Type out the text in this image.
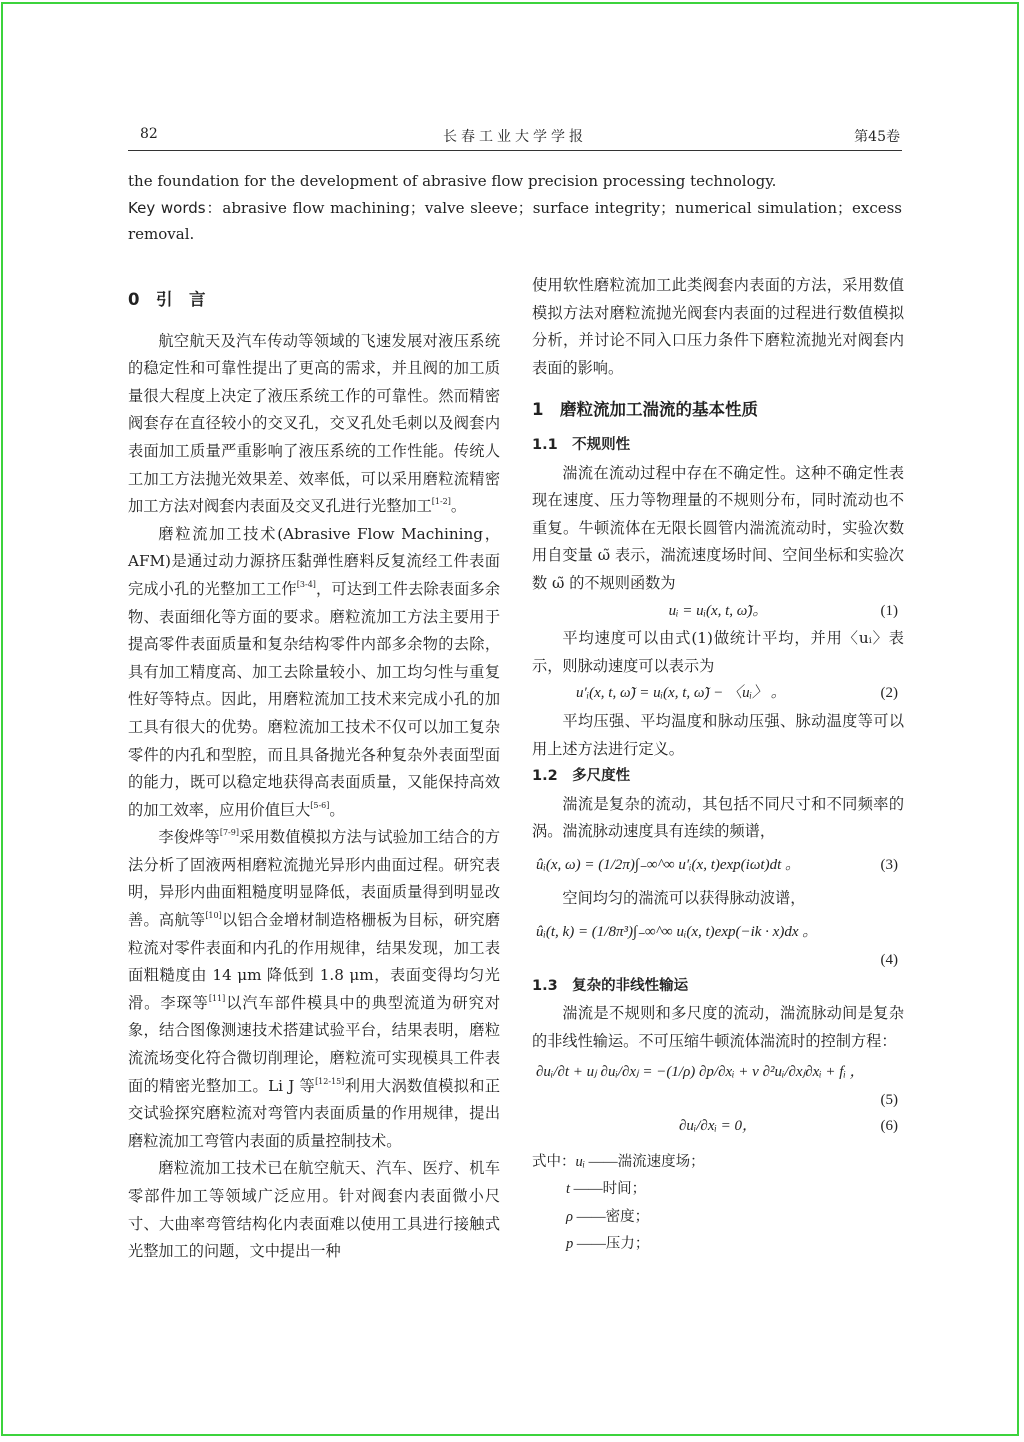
82	长春工业大学学报	第45卷
the foundation for the development of abrasive flow precision processing technology.
Key words：abrasive flow machining；valve sleeve；surface integrity；numerical simulation；excess removal.

0　引　言

航空航天及汽车传动等领域的飞速发展对液压系统的稳定性和可靠性提出了更高的需求，并且阀的加工质量很大程度上决定了液压系统工作的可靠性。然而精密阀套存在直径较小的交叉孔，交叉孔处毛刺以及阀套内表面加工质量严重影响了液压系统的工作性能。传统人工加工方法抛光效果差、效率低，可以采用磨粒流精密加工方法对阀套内表面及交叉孔进行光整加工[1-2]。

磨粒流加工技术(Abrasive Flow Machining，AFM)是通过动力源挤压黏弹性磨料反复流经工件表面完成小孔的光整加工工作[3-4]，可达到工件去除表面多余物、表面细化等方面的要求。磨粒流加工方法主要用于提高零件表面质量和复杂结构零件内部多余物的去除，具有加工精度高、加工去除量较小、加工均匀性与重复性好等特点。因此，用磨粒流加工技术来完成小孔的加工具有很大的优势。磨粒流加工技术不仅可以加工复杂零件的内孔和型腔，而且具备抛光各种复杂外表面型面的能力，既可以稳定地获得高表面质量，又能保持高效的加工效率，应用价值巨大[5-6]。

李俊烨等[7-9]采用数值模拟方法与试验加工结合的方法分析了固液两相磨粒流抛光异形内曲面过程。研究表明，异形内曲面粗糙度明显降低，表面质量得到明显改善。高航等[10]以铝合金增材制造格栅板为目标，研究磨粒流对零件表面和内孔的作用规律，结果发现，加工表面粗糙度由 14 μm 降低到 1.8 μm，表面变得均匀光滑。李琛等[11]以汽车部件模具中的典型流道为研究对象，结合图像测速技术搭建试验平台，结果表明，磨粒流流场变化符合微切削理论，磨粒流可实现模具工件表面的精密光整加工。Li J 等[12-15]利用大涡数值模拟和正交试验探究磨粒流对弯管内表面质量的作用规律，提出磨粒流加工弯管内表面的质量控制技术。

磨粒流加工技术已在航空航天、汽车、医疗、机车零部件加工等领域广泛应用。针对阀套内表面微小尺寸、大曲率弯管结构化内表面难以使用工具进行接触式光整加工的问题，文中提出一种

使用软性磨粒流加工此类阀套内表面的方法，采用数值模拟方法对磨粒流抛光阀套内表面的过程进行数值模拟分析，并讨论不同入口压力条件下磨粒流抛光对阀套内表面的影响。

1　磨粒流加工湍流的基本性质

1.1　不规则性

湍流在流动过程中存在不确定性。这种不确定性表现在速度、压力等物理量的不规则分布，同时流动也不重复。牛顿流体在无限长圆管内湍流流动时，实验次数用自变量 ω̃ 表示，湍流速度场时间、空间坐标和实验次数 ω̃ 的不规则函数为

uᵢ = uᵢ(x, t, ω̃)。	(1)

平均速度可以由式(1)做统计平均，并用〈uᵢ〉表示，则脉动速度可以表示为

u′ᵢ(x, t, ω̃) = uᵢ(x, t, ω̃) − 〈uᵢ〉 。	(2)

平均压强、平均温度和脉动压强、脉动温度等可以用上述方法进行定义。

1.2　多尺度性

湍流是复杂的流动，其包括不同尺寸和不同频率的涡。湍流脉动速度具有连续的频谱，

ûᵢ(x, ω) = (1/2π)∫₋∞^∞ u′ᵢ(x, t)exp(iωt)dt 。	(3)

空间均匀的湍流可以获得脉动波谱，

ûᵢ(t, k) = (1/8π³)∫₋∞^∞ uᵢ(x, t)exp(−ik · x)dx 。
(4)

1.3　复杂的非线性输运

湍流是不规则和多尺度的流动，湍流脉动间是复杂的非线性输运。不可压缩牛顿流体湍流时的控制方程：

∂uᵢ/∂t + uⱼ ∂uᵢ/∂xⱼ = −(1/ρ) ∂p/∂xᵢ + v ∂²uᵢ/∂xⱼ∂xᵢ + fᵢ ，
(5)
∂uᵢ/∂xᵢ = 0，	(6)
式中：uᵢ ——湍流速度场；
t ——时间；
ρ ——密度；
p ——压力；
